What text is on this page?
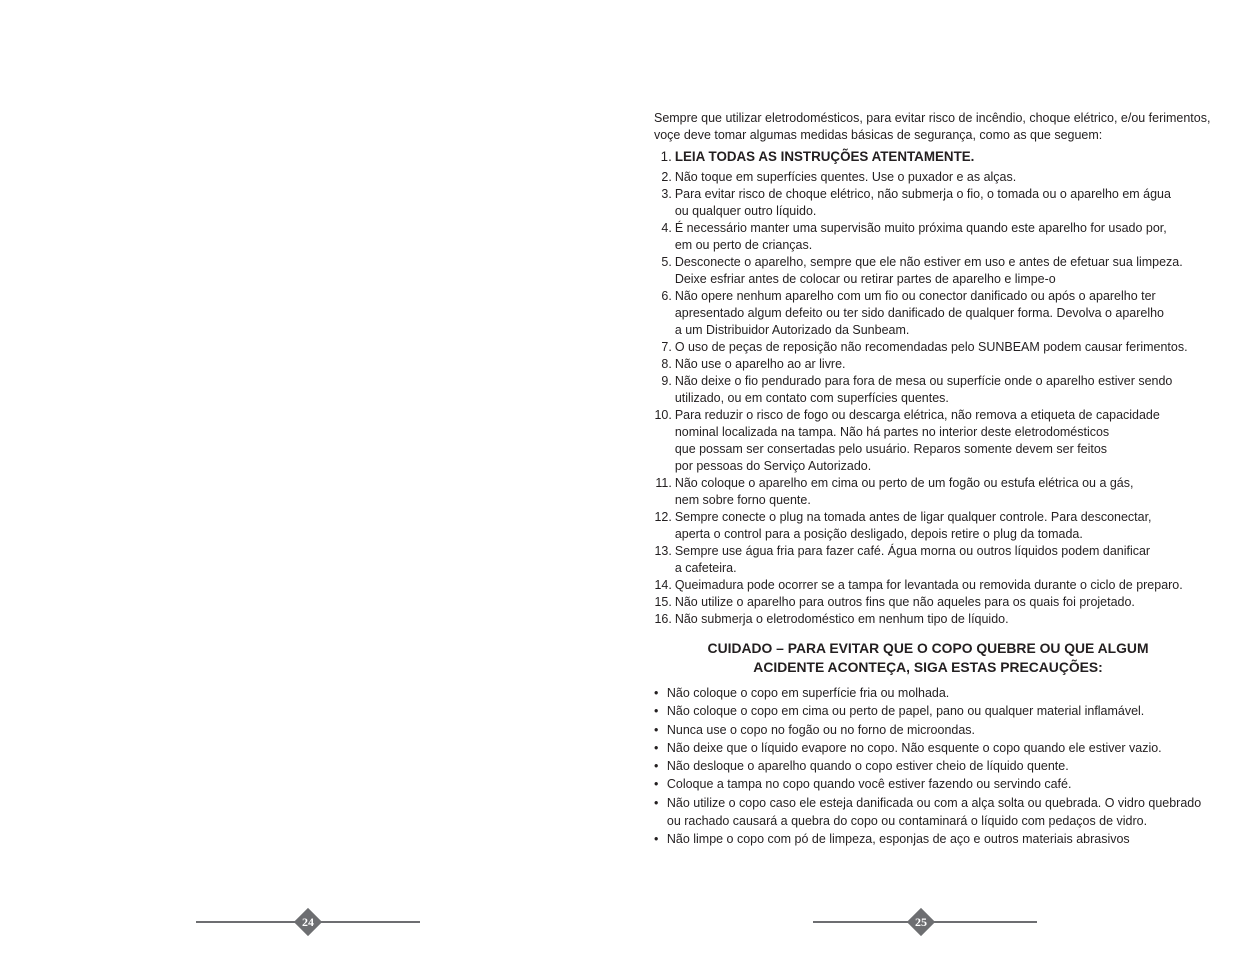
24
Sempre que utilizar eletrodomésticos, para evitar risco de incêndio, choque elétrico, e/ou ferimentos,
voçe deve tomar algumas medidas básicas de segurança, como as que seguem:
1. LEIA TODAS AS INSTRUÇÕES ATENTAMENTE.
2. Não toque em superfícies quentes. Use o puxador e as alças.
3. Para evitar risco de choque elétrico, não submerja o fio, o tomada ou o aparelho em água
ou qualquer outro líquido.
4. É necessário manter uma supervisão muito próxima quando este aparelho for usado por,
em ou perto de crianças.
5. Desconecte o aparelho, sempre que ele não estiver em uso e antes de efetuar sua limpeza.
Deixe esfriar antes de colocar ou retirar partes de aparelho e limpe-o
6. Não opere nenhum aparelho com um fio ou conector danificado ou após o aparelho ter
apresentado algum defeito ou ter sido danificado de qualquer forma. Devolva o aparelho
a um Distribuidor Autorizado da Sunbeam.
7. O uso de peças de reposição não recomendadas pelo SUNBEAM podem causar ferimentos.
8. Não use o aparelho ao ar livre.
9. Não deixe o fio pendurado para fora de mesa ou superfície onde o aparelho estiver sendo
utilizado, ou em contato com superfícies quentes.
10. Para reduzir o risco de fogo ou descarga elétrica, não remova a etiqueta de capacidade
nominal localizada na tampa. Não há partes no interior deste eletrodomésticos
que possam ser consertadas pelo usuário. Reparos somente devem ser feitos
por pessoas do Serviço Autorizado.
11. Não coloque o aparelho em cima ou perto de um fogão ou estufa elétrica ou a gás,
nem sobre forno quente.
12. Sempre conecte o plug na tomada antes de ligar qualquer controle. Para desconectar,
aperta o control para a posição desligado, depois retire o plug da tomada.
13. Sempre use água fria para fazer café. Água morna ou outros líquidos podem danificar
a cafeteira.
14. Queimadura pode ocorrer se a tampa for levantada ou removida durante o ciclo de preparo.
15. Não utilize o aparelho para outros fins que não aqueles para os quais foi projetado.
16. Não submerja o eletrodoméstico em nenhum tipo de líquido.
CUIDADO – PARA EVITAR QUE O COPO QUEBRE OU QUE ALGUM
ACIDENTE ACONTEÇA, SIGA ESTAS PRECAUÇÕES:
• Não coloque o copo em superfície fria ou molhada.
• Não coloque o copo em cima ou perto de papel, pano ou qualquer material inflamável.
• Nunca use o copo no fogão ou no forno de microondas.
• Não deixe que o líquido evapore no copo. Não esquente o copo quando ele estiver vazio.
• Não desloque o aparelho quando o copo estiver cheio de líquido quente.
• Coloque a tampa no copo quando você estiver fazendo ou servindo café.
• Não utilize o copo caso ele esteja danificada ou com a alça solta ou quebrada. O vidro quebrado
ou rachado causará a quebra do copo ou contaminará o líquido com pedaços de vidro.
• Não limpe o copo com pó de limpeza, esponjas de aço e outros materiais abrasivos
25
